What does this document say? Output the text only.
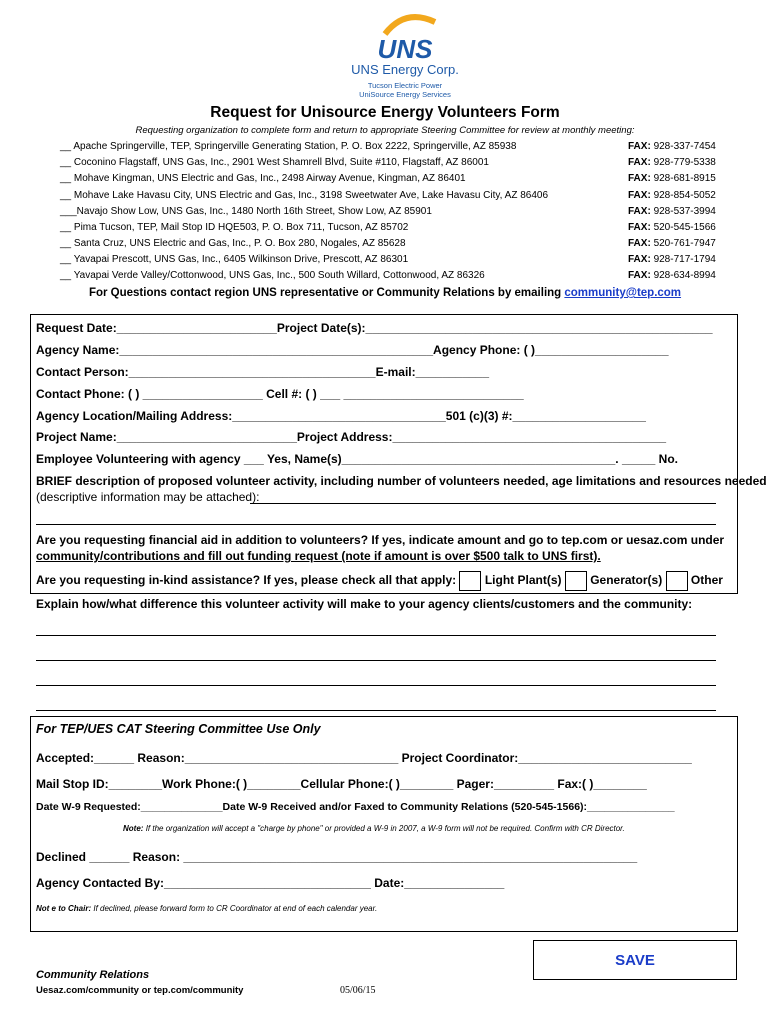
UNS
UNS Energy Corp.
Tucson Electric Power
UniSource Energy Services
Request for Unisource Energy Volunteers Form
Requesting organization to complete form and return to appropriate Steering Committee for review at monthly meeting:
__ Apache Springerville, TEP, Springerville Generating Station, P. O. Box 2222, Springerville, AZ 85938	FAX: 928-337-7454
__ Coconino Flagstaff, UNS Gas, Inc., 2901 West Shamrell Blvd, Suite #110, Flagstaff, AZ 86001	FAX: 928-779-5338
__ Mohave Kingman, UNS Electric and Gas, Inc., 2498 Airway Avenue, Kingman, AZ 86401	FAX: 928-681-8915
__ Mohave Lake Havasu City, UNS Electric and Gas, Inc., 3198 Sweetwater Ave, Lake Havasu City, AZ 86406	FAX: 928-854-5052
___Navajo Show Low, UNS Gas, Inc., 1480 North 16th Street, Show Low, AZ 85901	FAX: 928-537-3994
__ Pima Tucson, TEP, Mail Stop ID HQE503, P. O. Box 711, Tucson, AZ 85702	FAX: 520-545-1566
__ Santa Cruz, UNS Electric and Gas, Inc., P. O. Box 280, Nogales, AZ 85628	FAX: 520-761-7947
__ Yavapai Prescott, UNS Gas, Inc., 6405 Wilkinson Drive, Prescott, AZ 86301	FAX: 928-717-1794
__ Yavapai Verde Valley/Cottonwood, UNS Gas, Inc., 500 South Willard, Cottonwood, AZ 86326	FAX: 928-634-8994
For Questions contact region UNS representative or Community Relations by emailing community@tep.com
Request Date:________________________Project Date(s):____________________________________________________
Agency Name:_______________________________________________Agency Phone: ( )____________________
Contact Person:_____________________________________E-mail:___________
Contact Phone: ( ) __________________ Cell #: ( ) ___ ___________________________
Agency Location/Mailing Address:________________________________501 (c)(3) #:____________________
Project Name:___________________________Project Address:_________________________________________
Employee Volunteering with agency ___ Yes, Name(s)_________________________________________. _____ No.
BRIEF description of proposed volunteer activity, including number of volunteers needed, age limitations and resources needed
(descriptive information may be attached):
Are you requesting financial aid in addition to volunteers? If yes, indicate amount and go to tep.com or uesaz.com under
community/contributions and fill out funding request (note if amount is over $500 talk to UNS first).
Are you requesting in-kind assistance? If yes, please check all that apply: Light Plant(s) Generator(s) Other
Explain how/what difference this volunteer activity will make to your agency clients/customers and the community:
For TEP/UES CAT Steering Committee Use Only
Accepted:______ Reason:________________________________ Project Coordinator:__________________________
Mail Stop ID:________Work Phone:( )________Cellular Phone:( )________ Pager:_________ Fax:( )________
Date W-9 Requested:______________Date W-9 Received and/or Faxed to Community Relations (520-545-1566):_______________
Note: If the organization will accept a "charge by phone" or provided a W-9 in 2007, a W-9 form will not be required. Confirm with CR Director.
Declined ______ Reason: ____________________________________________________________________
Agency Contacted By:_______________________________ Date:_______________
Not e to Chair: If declined, please forward form to CR Coordinator at end of each calendar year.
SAVE
Community Relations
Uesaz.com/community or tep.com/community	05/06/15
